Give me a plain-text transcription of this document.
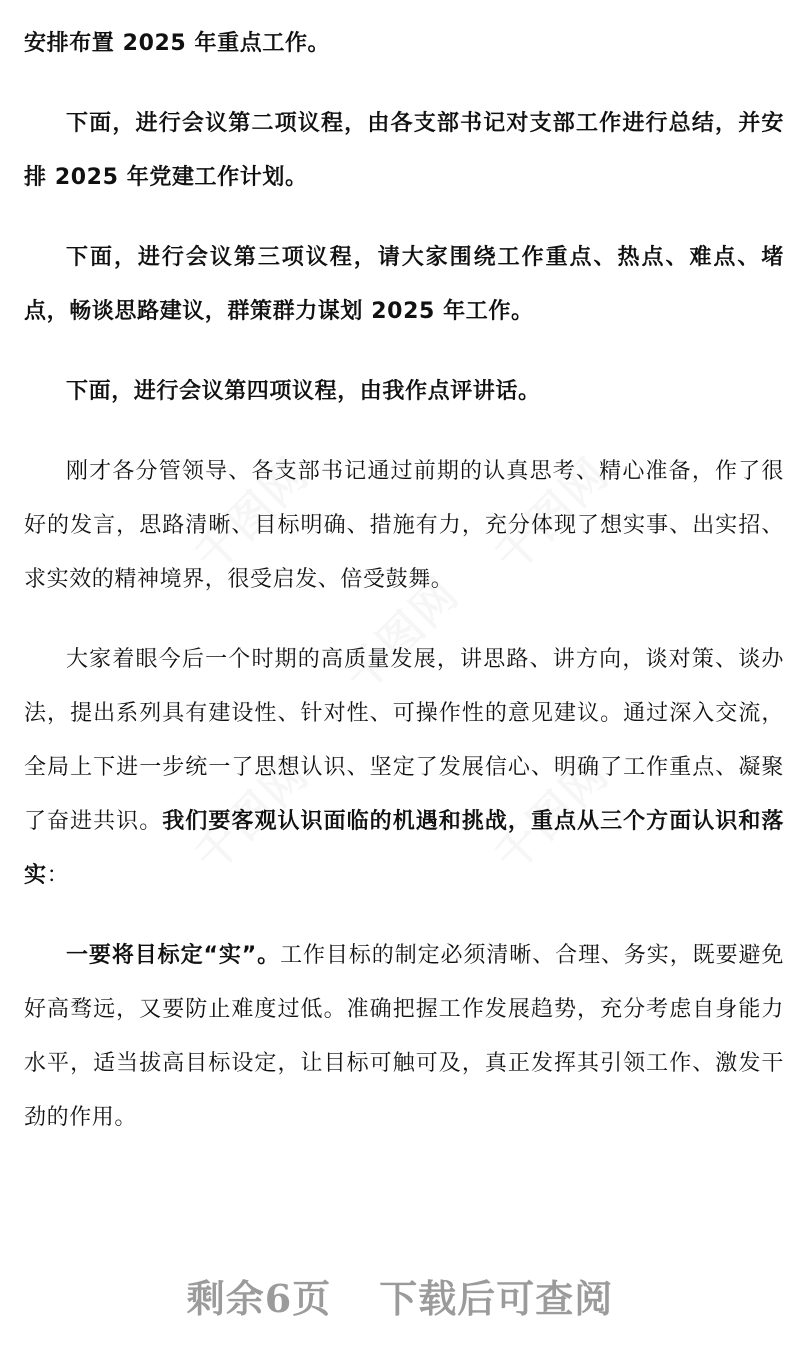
安排布置 2025 年重点工作。

下面，进行会议第二项议程，由各支部书记对支部工作进行总结，并安排 2025 年党建工作计划。

下面，进行会议第三项议程，请大家围绕工作重点、热点、难点、堵点，畅谈思路建议，群策群力谋划 2025 年工作。

下面，进行会议第四项议程，由我作点评讲话。

刚才各分管领导、各支部书记通过前期的认真思考、精心准备，作了很好的发言，思路清晰、目标明确、措施有力，充分体现了想实事、出实招、求实效的精神境界，很受启发、倍受鼓舞。

大家着眼今后一个时期的高质量发展，讲思路、讲方向，谈对策、谈办法，提出系列具有建设性、针对性、可操作性的意见建议。通过深入交流，全局上下进一步统一了思想认识、坚定了发展信心、明确了工作重点、凝聚了奋进共识。我们要客观认识面临的机遇和挑战，重点从三个方面认识和落实：

一要将目标定“实”。工作目标的制定必须清晰、合理、务实，既要避免好高骛远，又要防止难度过低。准确把握工作发展趋势，充分考虑自身能力水平，适当拔高目标设定，让目标可触可及，真正发挥其引领工作、激发干劲的作用。

剩余6页 下载后可查阅
